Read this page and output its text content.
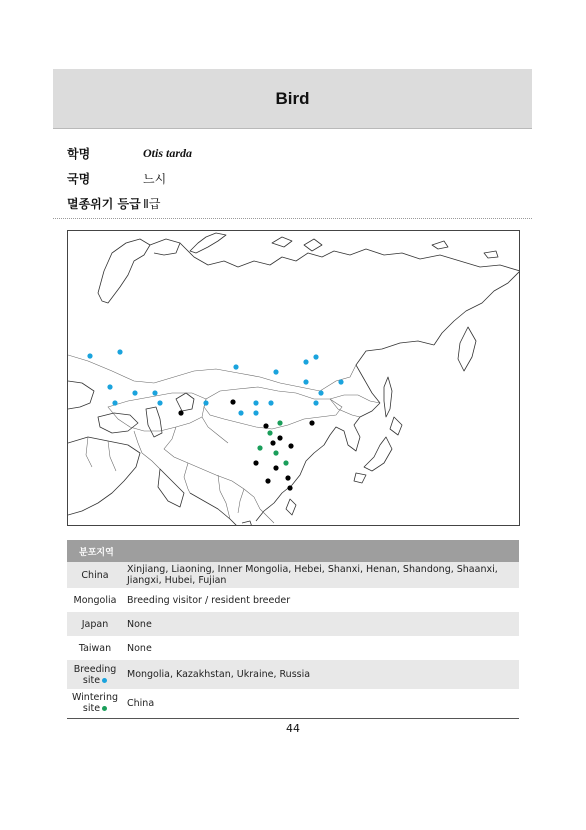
Bird
학명	Otis tarda
국명	느시
멸종위기 등급 Ⅱ급
분포지역	
China	Xinjiang, Liaoning, Inner Mongolia, Hebei, Shanxi, Henan, Shandong, Shaanxi, Jiangxi, Hubei, Fujian
Mongolia	Breeding visitor / resident breeder
Japan	None
Taiwan	None
Breeding
site	Mongolia, Kazakhstan, Ukraine, Russia
Wintering
site	China
44
